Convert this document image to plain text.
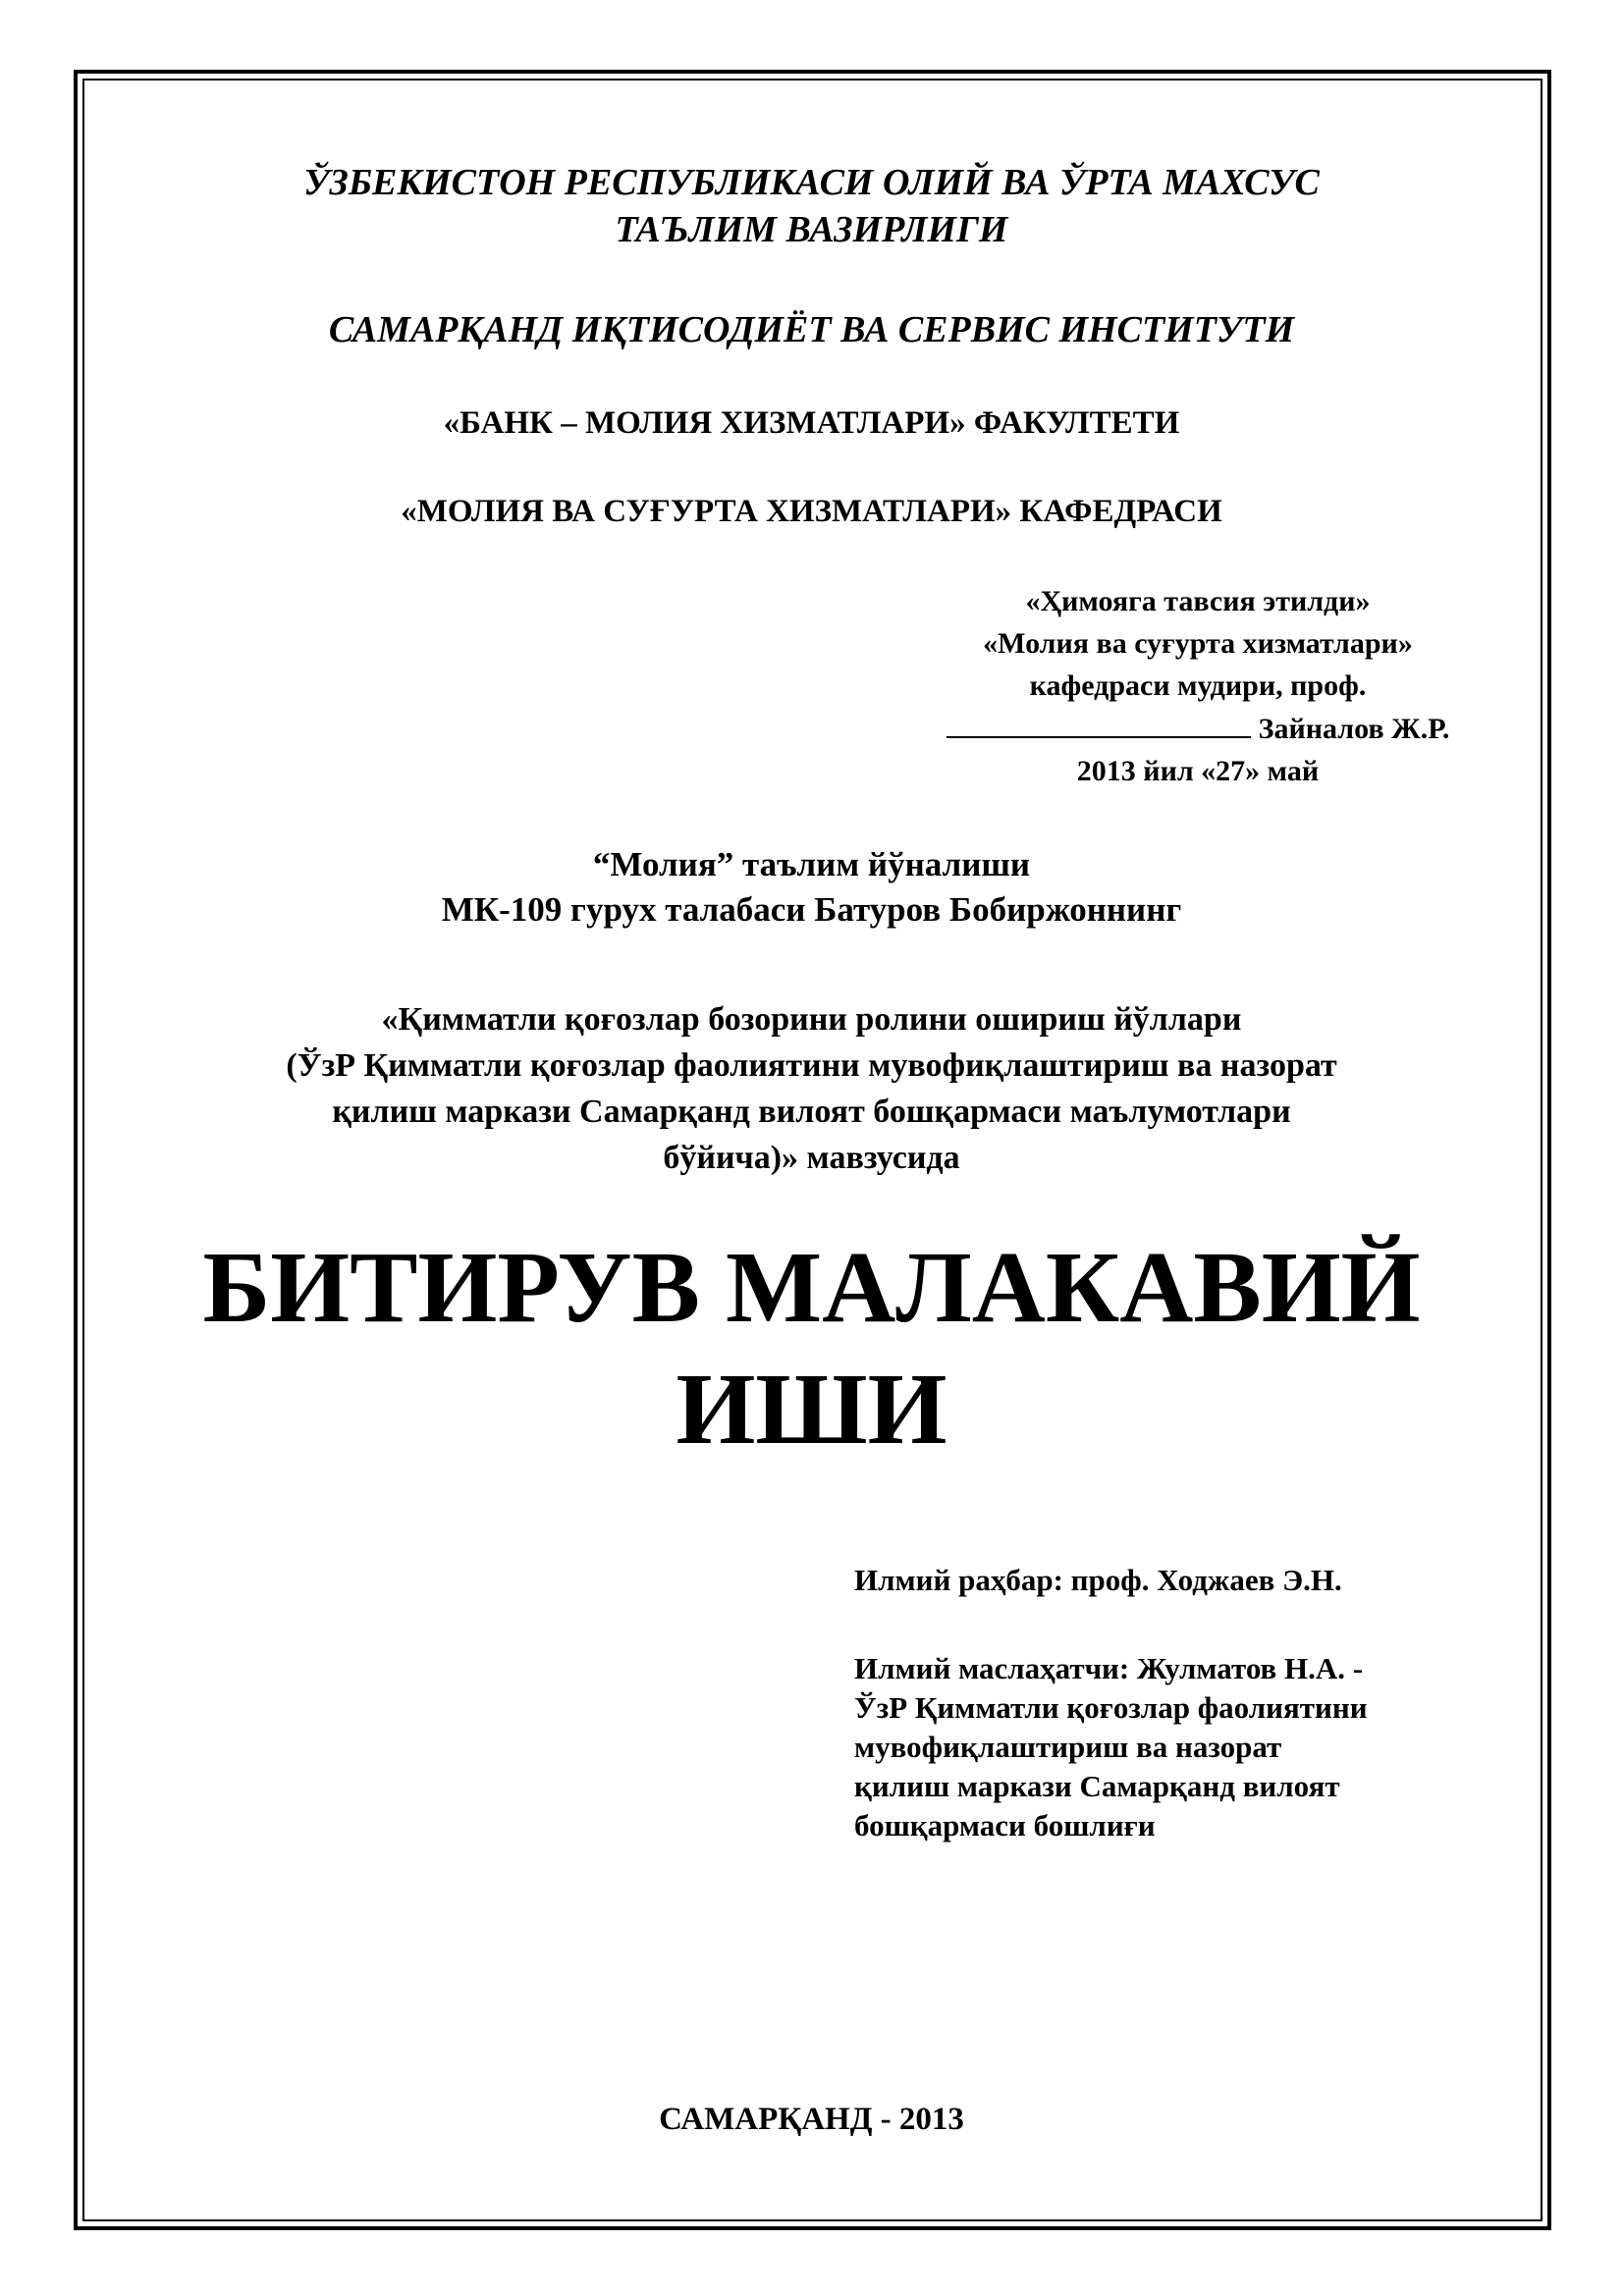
ЎЗБЕКИСТОН РЕСПУБЛИКАСИ ОЛИЙ ВА ЎРТА МАХСУС
ТАЪЛИМ ВАЗИРЛИГИ
САМАРҚАНД ИҚТИСОДИЁТ ВА СЕРВИС ИНСТИТУТИ
«БАНК – МОЛИЯ ХИЗМАТЛАРИ» ФАКУЛТЕТИ
«МОЛИЯ ВА СУҒУРТА ХИЗМАТЛАРИ» КАФЕДРАСИ
«Ҳимояга тавсия этилди»
«Молия ва суғурта хизматлари»
кафедраси мудири, проф.
Зайналов Ж.Р.
2013 йил «27» май
“Молия” таълим йўналиши
МК-109 гурух талабаси Батуров Бобиржоннинг
«Қимматли қоғозлар бозорини ролини ошириш йўллари
(ЎзР Қимматли қоғозлар фаолиятини мувофиқлаштириш ва назорат
қилиш маркази Самарқанд вилоят бошқармаси маълумотлари
бўйича)» мавзусида
БИТИРУВ МАЛАКАВИЙ
ИШИ
Илмий раҳбар: проф. Ходжаев Э.Н.
Илмий маслаҳатчи: Жулматов Н.А. -
ЎзР Қимматли қоғозлар фаолиятини
мувофиқлаштириш ва назорат
қилиш маркази Самарқанд вилоят
бошқармаси бошлиғи
САМАРҚАНД - 2013
